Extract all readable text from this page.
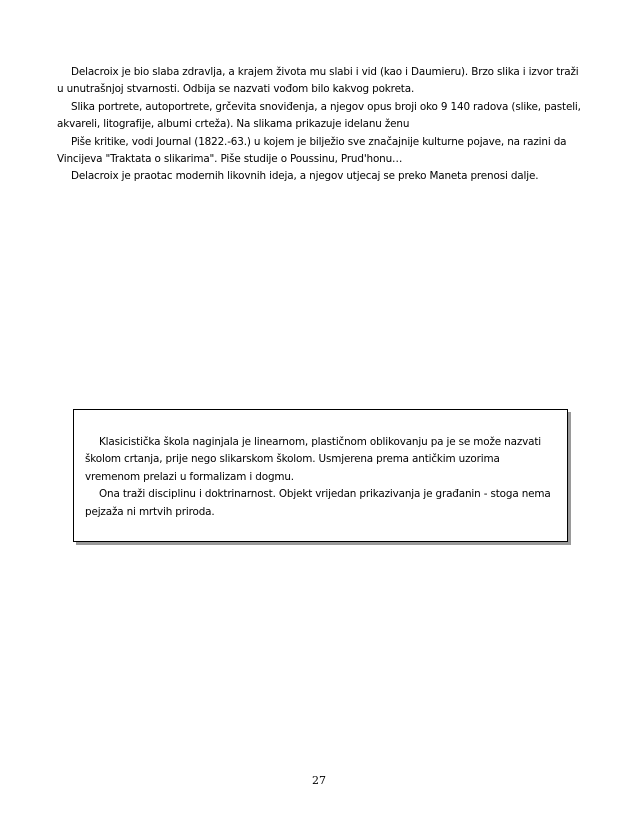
Delacroix je bio slaba zdravlja, a krajem života mu slabi i vid (kao i Daumieru). Brzo slika i izvor traži u unutrašnjoj stvarnosti. Odbija se nazvati vođom bilo kakvog pokreta.

Slika portrete, autoportrete, grčevita snoviđenja, a njegov opus broji oko 9 140 radova (slike, pasteli, akvareli, litografije, albumi crteža). Na slikama prikazuje idelanu ženu

Piše kritike, vodi Journal (1822.-63.) u kojem je bilježio sve značajnije kulturne pojave, na razini da Vincijeva "Traktata o slikarima". Piše studije o Poussinu, Prud'honu…

Delacroix je praotac modernih likovnih ideja, a njegov utjecaj se preko Maneta prenosi dalje.

Klasicistička škola naginjala je linearnom, plastičnom oblikovanju pa je se može nazvati školom crtanja, prije nego slikarskom školom. Usmjerena prema antičkim uzorima vremenom prelazi u formalizam i dogmu.

Ona traži disciplinu i doktrinarnost. Objekt vrijedan prikazivanja je građanin - stoga nema pejzaža ni mrtvih priroda.

27
